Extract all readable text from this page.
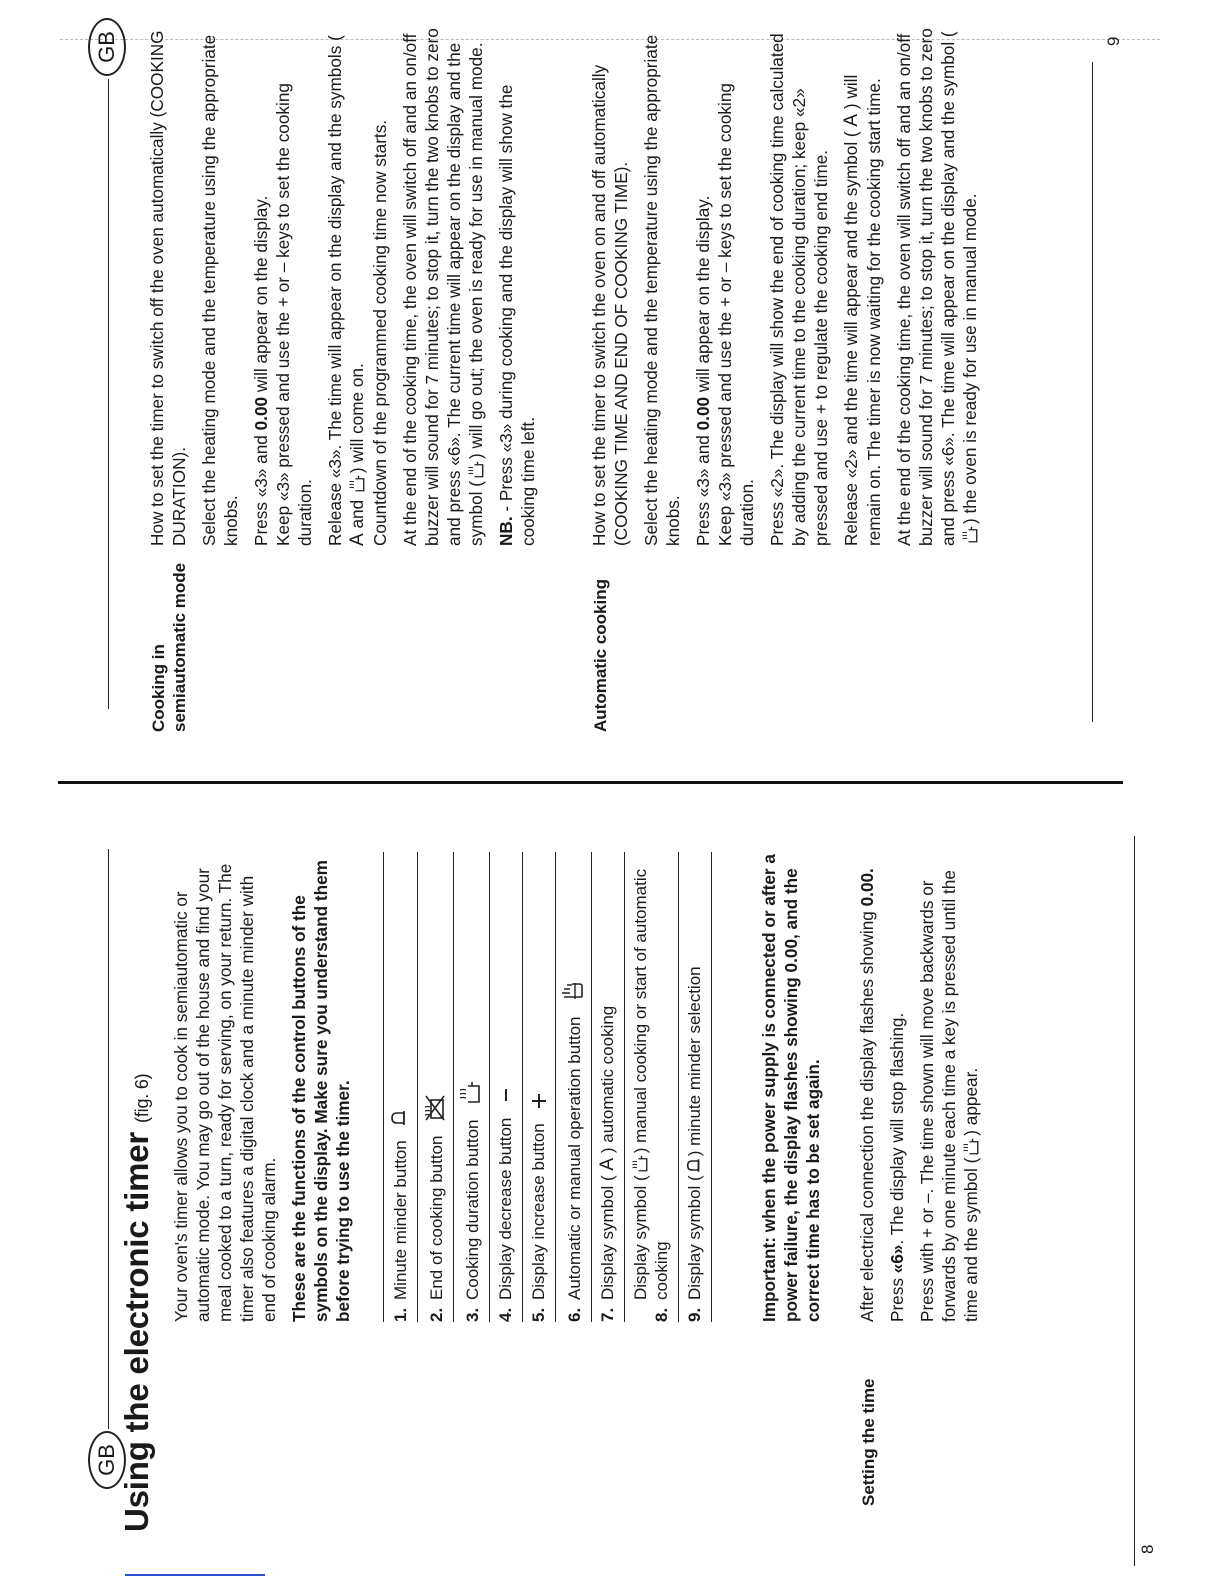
GB Using the electronic timer (fig. 6) Your oven's timer allows you to cook in semiautomatic or automatic mode. You may go out of the house and find your meal cooked to a turn, ready for serving, on your return. The timer also features a digital clock and a minute minder with end of cooking alarm. These are the functions of the control buttons of the symbols on the display. Make sure you understand them before trying to use the timer. 1.
Minute minder button
2.
End of cooking button
3.
Cooking duration button
4.
Display decrease button
5.
Display increase button
6.
Automatic or manual operation button
7.
Display symbol ( A ) automatic cooking
8.
Display symbol () manual cooking or start of automatic cooking
9.
Display symbol () minute minder selection	Important: when the power supply is connected or after a power failure, the display flashes showing 0.00, and the correct time has to be set again.
Setting the time

After electrical connection the display flashes showing 0.00.

Press «6». The display will stop flashing. Press with + or –. The time shown will move backwards or forwards by one minute each time a key is pressed until the time and the symbol () appear.

8
GB
Cooking in semiautomatic mode

How to set the timer to switch off the oven automatically (COOKING DURATION). Select the heating mode and the temperature using the appropriate knobs. Press «3» and 0.00 will appear on the display. Keep «3» pressed and use the + or – keys to set the cooking duration. Release «3». The time will appear on the display and the symbols ( A and ) will come on. Countdown of the programmed cooking time now starts. At the end of the cooking time, the oven will switch off and an on/off buzzer will sound for 7 minutes; to stop it, turn the two knobs to zero and press «6». The current time will appear on the display and the symbol () will go out; the oven is ready for use in manual mode.

NB. - Press «3» during cooking and the display will show the cooking time left.

Automatic cooking

How to set the timer to switch the oven on and off automatically (COOKING TIME AND END OF COOKING TIME). Select the heating mode and the temperature using the appropriate knobs. Press «3» and 0.00 will appear on the display. Keep «3» pressed and use the + or – keys to set the cooking duration. Press «2». The display will show the end of cooking time calculated by adding the current time to the cooking duration; keep «2» pressed and use + to regulate the cooking end time. Release «2» and the time will appear and the symbol ( A ) will remain on. The timer is now waiting for the cooking start time. At the end of the cooking time, the oven will switch off and an on/off buzzer will sound for 7 minutes; to stop it, turn the two knobs to zero and press «6». The time will appear on the display and the symbol ( ) the oven is ready for use in manual mode.

9
